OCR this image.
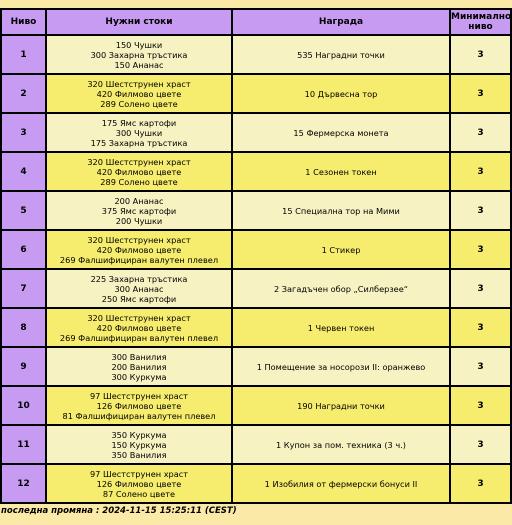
Ниво	Нужни стоки	Награда	Минимално ниво
1	150 Чушки
300 Захарна тръстика
150 Ананас	535 Наградни точки	3
2	320 Шестструнен храст
420 Филмово цвете
289 Солено цвете	10 Дървесна тор	3
3	175 Ямс картофи
300 Чушки
175 Захарна тръстика	15 Фермерска монета	3
4	320 Шестструнен храст
420 Филмово цвете
289 Солено цвете	1 Сезонен токен	3
5	200 Ананас
375 Ямс картофи
200 Чушки	15 Специална тор на Мими	3
6	320 Шестструнен храст
420 Филмово цвете
269 Фалшифициран валутен плевел	1 Стикер	3
7	225 Захарна тръстика
300 Ананас
250 Ямс картофи	2 Загадъчен обор „Силберзее“	3
8	320 Шестструнен храст
420 Филмово цвете
269 Фалшифициран валутен плевел	1 Червен токен	3
9	300 Ванилия
200 Ванилия
300 Куркума	1 Помещение за носорози II: оранжево	3
10	97 Шестструнен храст
126 Филмово цвете
81 Фалшифициран валутен плевел	190 Наградни точки	3
11	350 Куркума
150 Куркума
350 Ванилия	1 Купон за пом. техника (3 ч.)	3
12	97 Шестструнен храст
126 Филмово цвете
87 Солено цвете	1 Изобилия от фермерски бонуси II	3
последна промяна : 2024-11-15 15:25:11 (CEST)
